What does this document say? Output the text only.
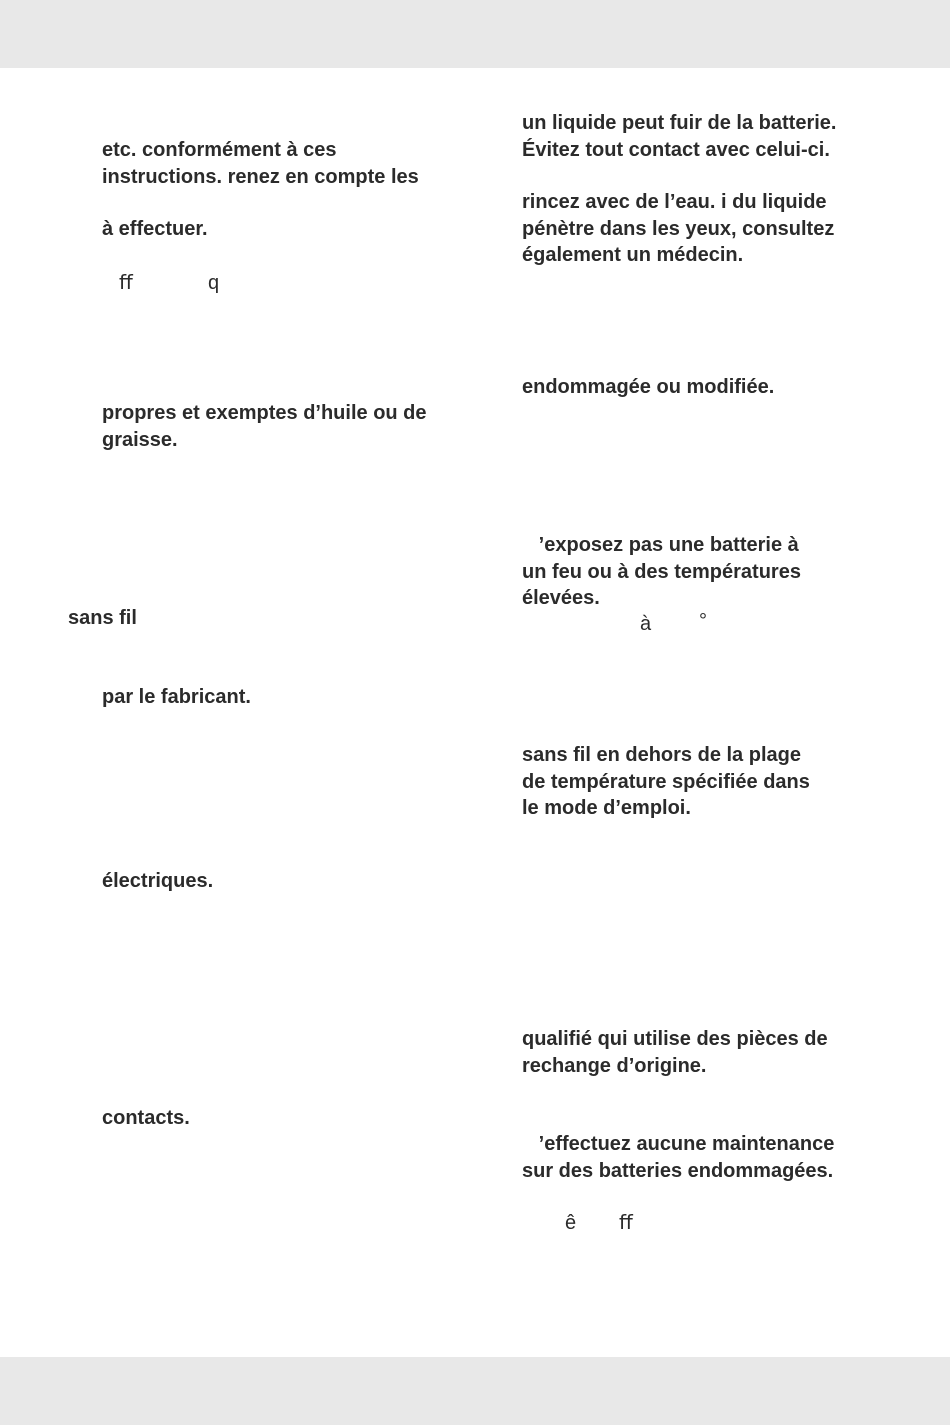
etc. conformément à ces
instructions. renez en compte les

à effectuer.

ﬀ	q

propres et exemptes d’huile ou de
graisse.

sans fil

par le fabricant.

électriques.

contacts.

un liquide peut fuir de la batterie.
Évitez tout contact avec celui-ci.

rincez avec de l’eau. i du liquide
pénètre dans les yeux, consultez
également un médecin.

endommagée ou modifiée.

’exposez pas une batterie à
un feu ou à des températures
élevées.

à °

sans fil en dehors de la plage
de température spécifiée dans
le mode d’emploi.

qualifié qui utilise des pièces de
rechange d’origine.

’effectuez aucune maintenance
sur des batteries endommagées.

ê ﬀ
